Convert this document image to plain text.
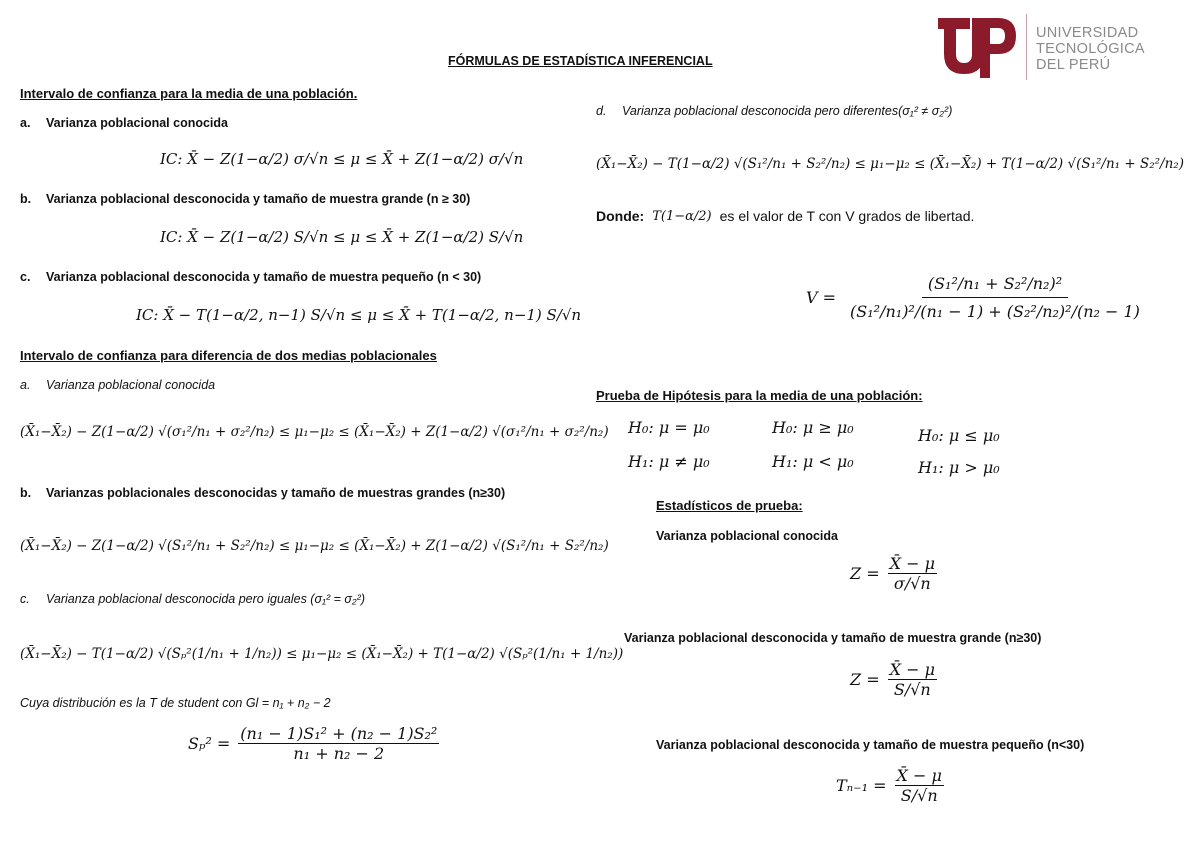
UNIVERSIDAD
TECNOLÓGICA
DEL PERÚ
FÓRMULAS DE ESTADÍSTICA INFERENCIAL
Intervalo de confianza para la media de una población.
a. Varianza poblacional conocida
IC: X̄ − Z(1−α/2) σ/√n ≤ μ ≤ X̄ + Z(1−α/2) σ/√n
b. Varianza poblacional desconocida y tamaño de muestra grande (n ≥ 30)
IC: X̄ − Z(1−α/2) S/√n ≤ μ ≤ X̄ + Z(1−α/2) S/√n
c. Varianza poblacional desconocida y tamaño de muestra pequeño (n < 30)
IC: X̄ − T(1−α/2, n−1) S/√n ≤ μ ≤ X̄ + T(1−α/2, n−1) S/√n
Intervalo de confianza para diferencia de dos medias poblacionales
a. Varianza poblacional conocida
(X̄₁−X̄₂) − Z(1−α/2) √(σ₁²/n₁ + σ₂²/n₂) ≤ μ₁−μ₂ ≤ (X̄₁−X̄₂) + Z(1−α/2) √(σ₁²/n₁ + σ₂²/n₂)
b. Varianzas poblacionales desconocidas y tamaño de muestras grandes (n≥30)
(X̄₁−X̄₂) − Z(1−α/2) √(S₁²/n₁ + S₂²/n₂) ≤ μ₁−μ₂ ≤ (X̄₁−X̄₂) + Z(1−α/2) √(S₁²/n₁ + S₂²/n₂)
c. Varianza poblacional desconocida pero iguales (σ₁² = σ₂²)
(X̄₁−X̄₂) − T(1−α/2) √(Sₚ²(1/n₁ + 1/n₂)) ≤ μ₁−μ₂ ≤ (X̄₁−X̄₂) + T(1−α/2) √(Sₚ²(1/n₁ + 1/n₂))
Cuya distribución es la T de student con Gl = n₁ + n₂ − 2
$S_p^2 = \frac{\text{(n₁ − 1)S₁² + (n₂ − 1)S₂²}}{\text{n₁ + n₂ − 2}}$
d. Varianza poblacional desconocida pero diferentes(σ₁² ≠ σ₂²)
(X̄₁−X̄₂) − T(1−α/2) √(S₁²/n₁ + S₂²/n₂) ≤ μ₁−μ₂ ≤ (X̄₁−X̄₂) + T(1−α/2) √(S₁²/n₁ + S₂²/n₂)
Donde: T(1−α/2) es el valor de T con V grados de libertad.
$V = \frac{\text{(S₁²/n₁ + S₂²/n₂)²}}{\text{(S₁²/n₁)²/(n₁ − 1) + (S₂²/n₂)²/(n₂ − 1)}}$
Prueba de Hipótesis para la media de una población:
H₀: μ = μ₀
H₁: μ ≠ μ₀
H₀: μ ≥ μ₀
H₁: μ < μ₀
H₀: μ ≤ μ₀
H₁: μ > μ₀
Estadísticos de prueba:
Varianza poblacional conocida
$Z = \frac{X̄ - \mu}{\sigma/√n}$
Varianza poblacional desconocida y tamaño de muestra grande (n≥30)
$Z = \frac{X̄ - \mu}{S/√n}$
Varianza poblacional desconocida y tamaño de muestra pequeño (n<30)
$T_{n-1} = \frac{X̄ - \mu}{S/√n}$
